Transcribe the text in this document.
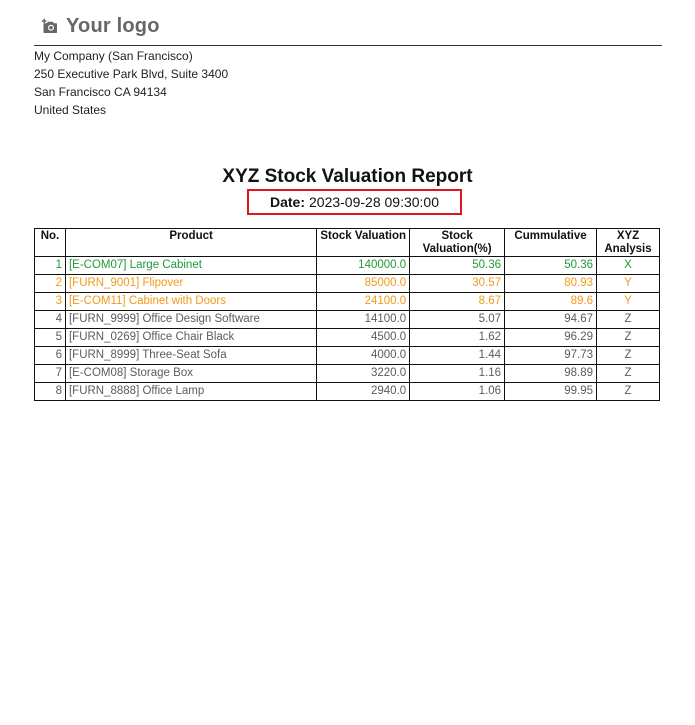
Your logo
My Company (San Francisco)
250 Executive Park Blvd, Suite 3400
San Francisco CA 94134
United States
XYZ Stock Valuation Report
Date: 2023-09-28 09:30:00
No.	Product	Stock Valuation	Stock Valuation(%)	Cummulative	XYZ Analysis
1	[E-COM07] Large Cabinet	140000.0	50.36	50.36	X
2	[FURN_9001] Flipover	85000.0	30.57	80.93	Y
3	[E-COM11] Cabinet with Doors	24100.0	8.67	89.6	Y
4	[FURN_9999] Office Design Software	14100.0	5.07	94.67	Z
5	[FURN_0269] Office Chair Black	4500.0	1.62	96.29	Z
6	[FURN_8999] Three-Seat Sofa	4000.0	1.44	97.73	Z
7	[E-COM08] Storage Box	3220.0	1.16	98.89	Z
8	[FURN_8888] Office Lamp	2940.0	1.06	99.95	Z
